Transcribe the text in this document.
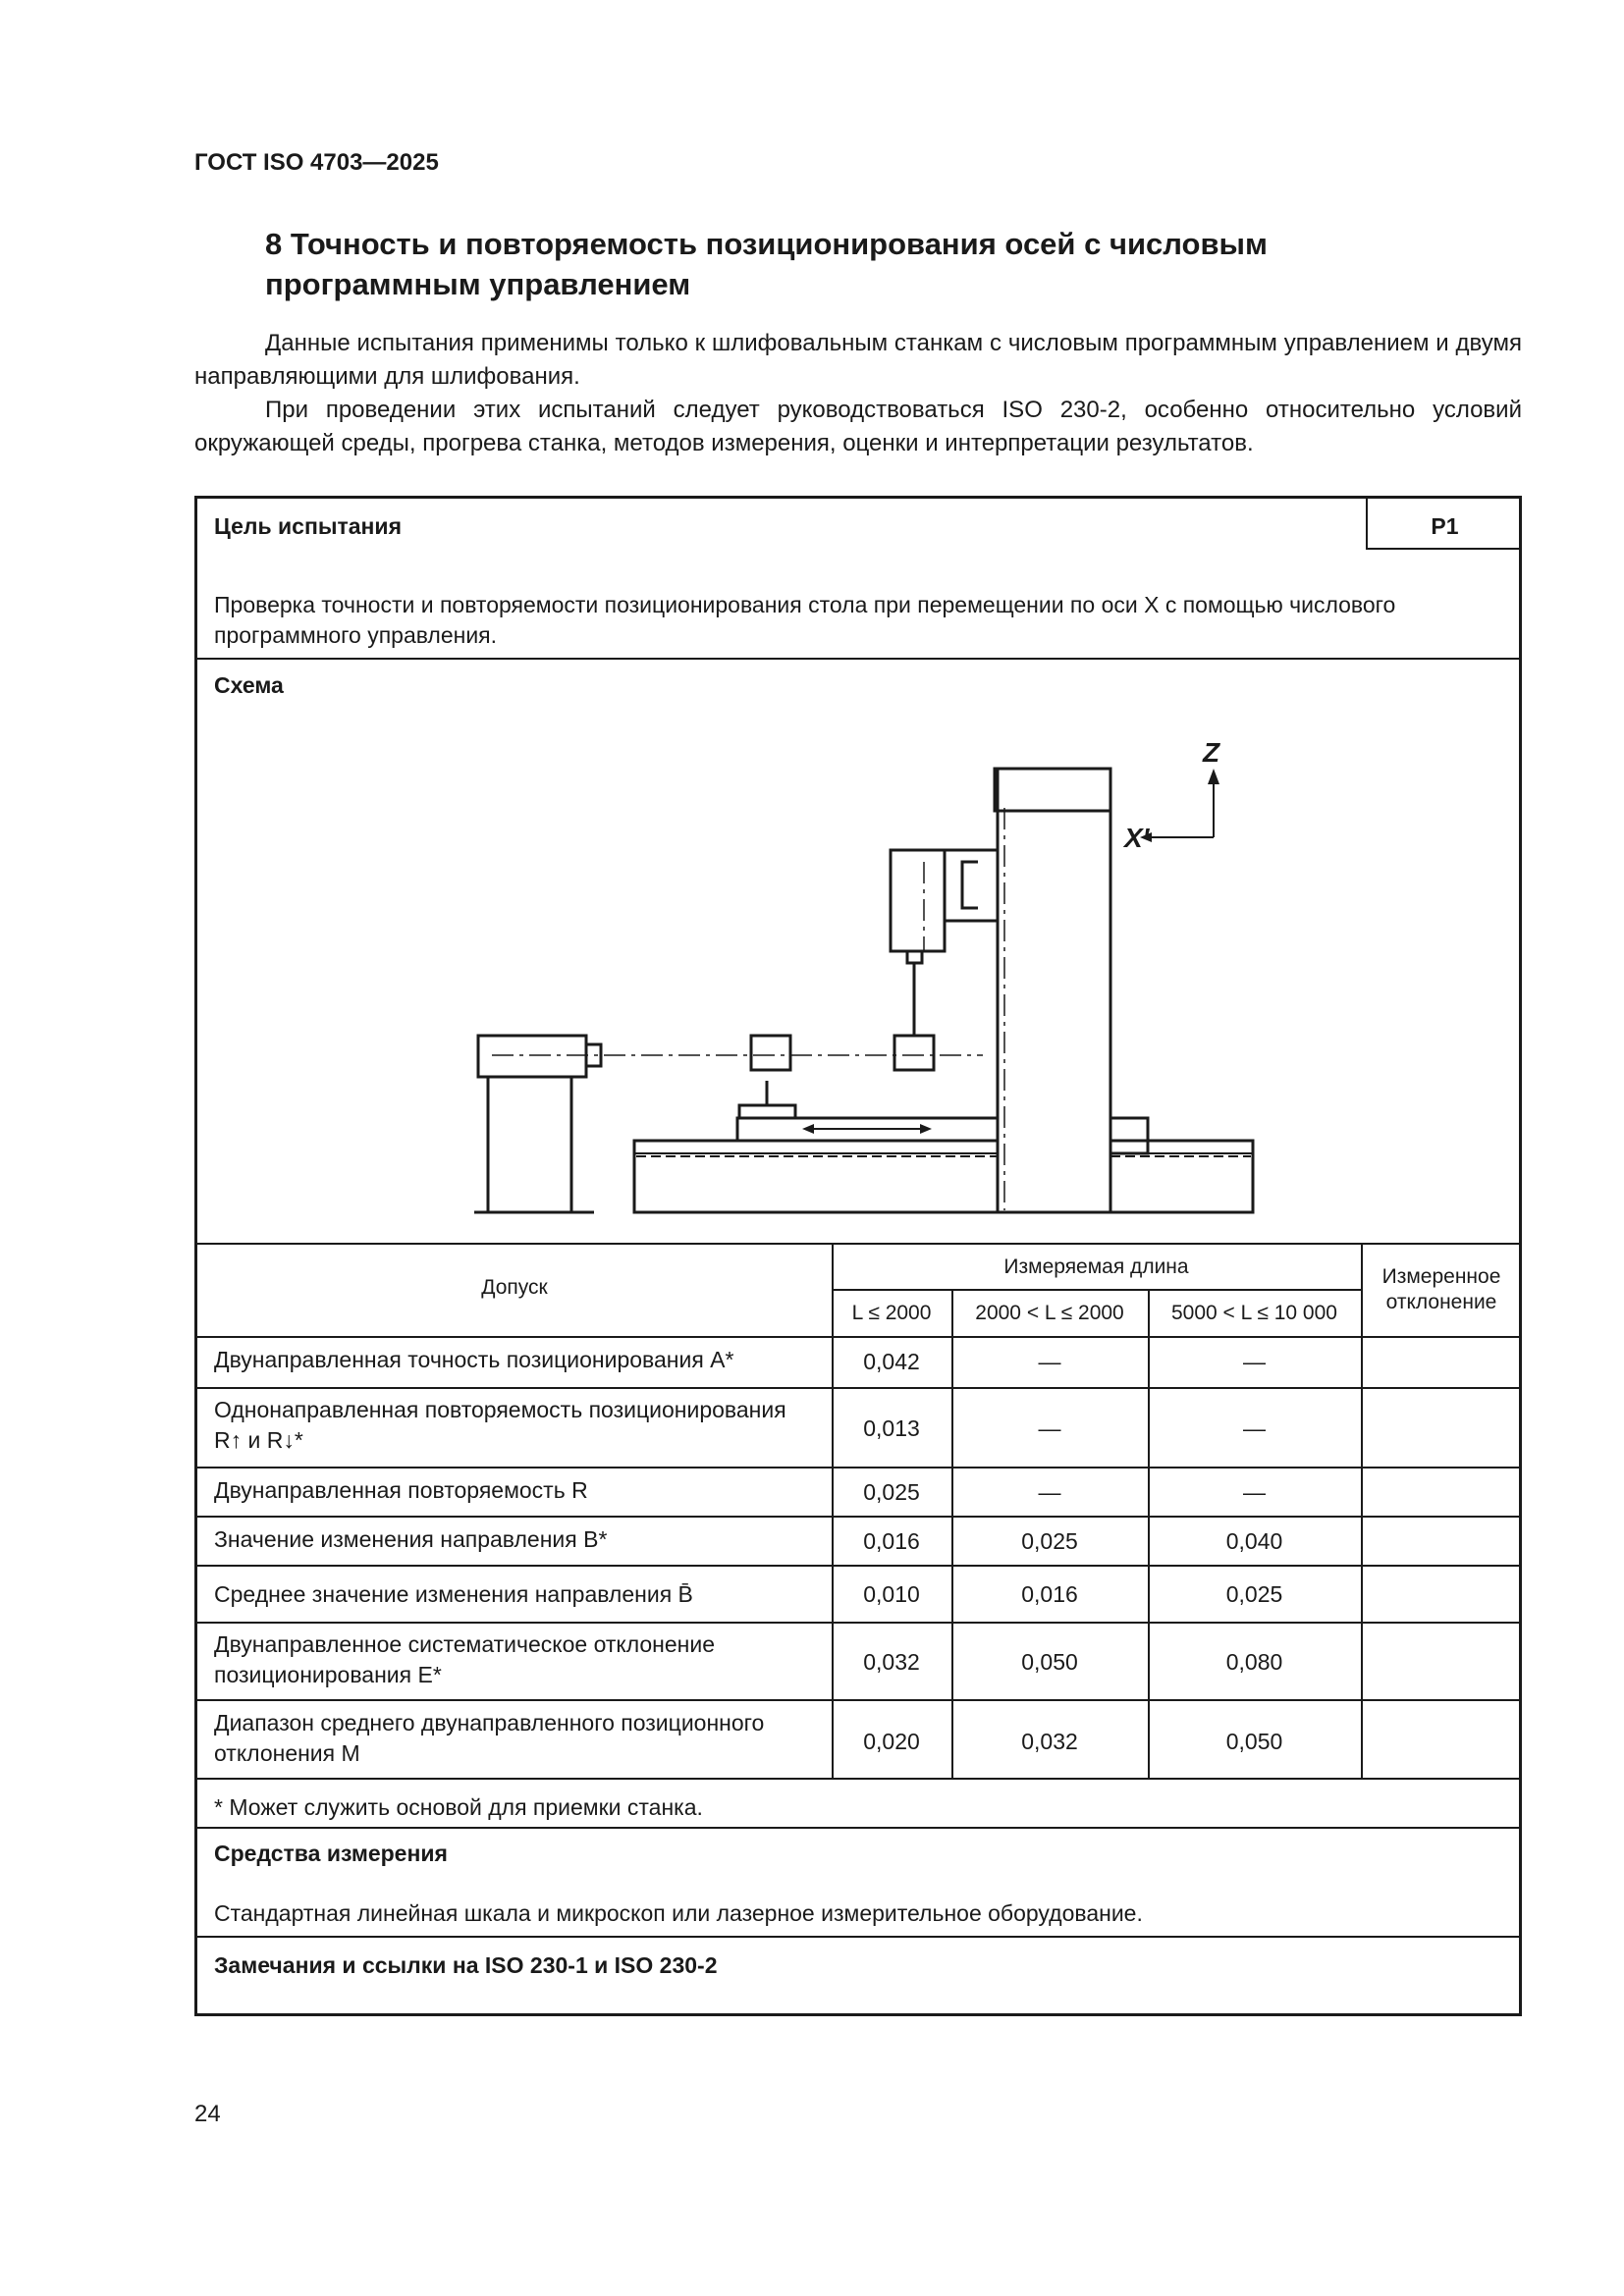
ГОСТ ISO 4703—2025
8 Точность и повторяемость позиционирования осей с числовым программным управлением

Данные испытания применимы только к шлифовальным станкам с числовым программным управлением и двумя направляющими для шлифования.

При проведении этих испытаний следует руководствоваться ISO 230-2, особенно относительно условий окружающей среды, прогрева станка, методов измерения, оценки и интерпретации результатов.

Цель испытания	P1
Проверка точности и повторяемости позиционирования стола при перемещении по оси X с помощью числового программного управления.
Схема
Z
X'
Допуск
Измеряемая длина
L ≤ 2000	2000 < L ≤ 2000	5000 < L ≤ 10 000
Измеренное отклонение
Двунаправленная точность позиционирования A*	0,042	—	—
Однонаправленная повторяемость позиционирования R↑ и R↓*	0,013	—	—
Двунаправленная повторяемость R	0,025	—	—
Значение изменения направления B*	0,016	0,025	0,040
Среднее значение изменения направления B̄	0,010	0,016	0,025
Двунаправленное систематическое отклонение позиционирования E*	0,032	0,050	0,080
Диапазон среднего двунаправленного позиционного отклонения M	0,020	0,032	0,050
* Может служить основой для приемки станка.
Средства измерения
Стандартная линейная шкала и микроскоп или лазерное измерительное оборудование.
Замечания и ссылки на ISO 230-1 и ISO 230-2
24
